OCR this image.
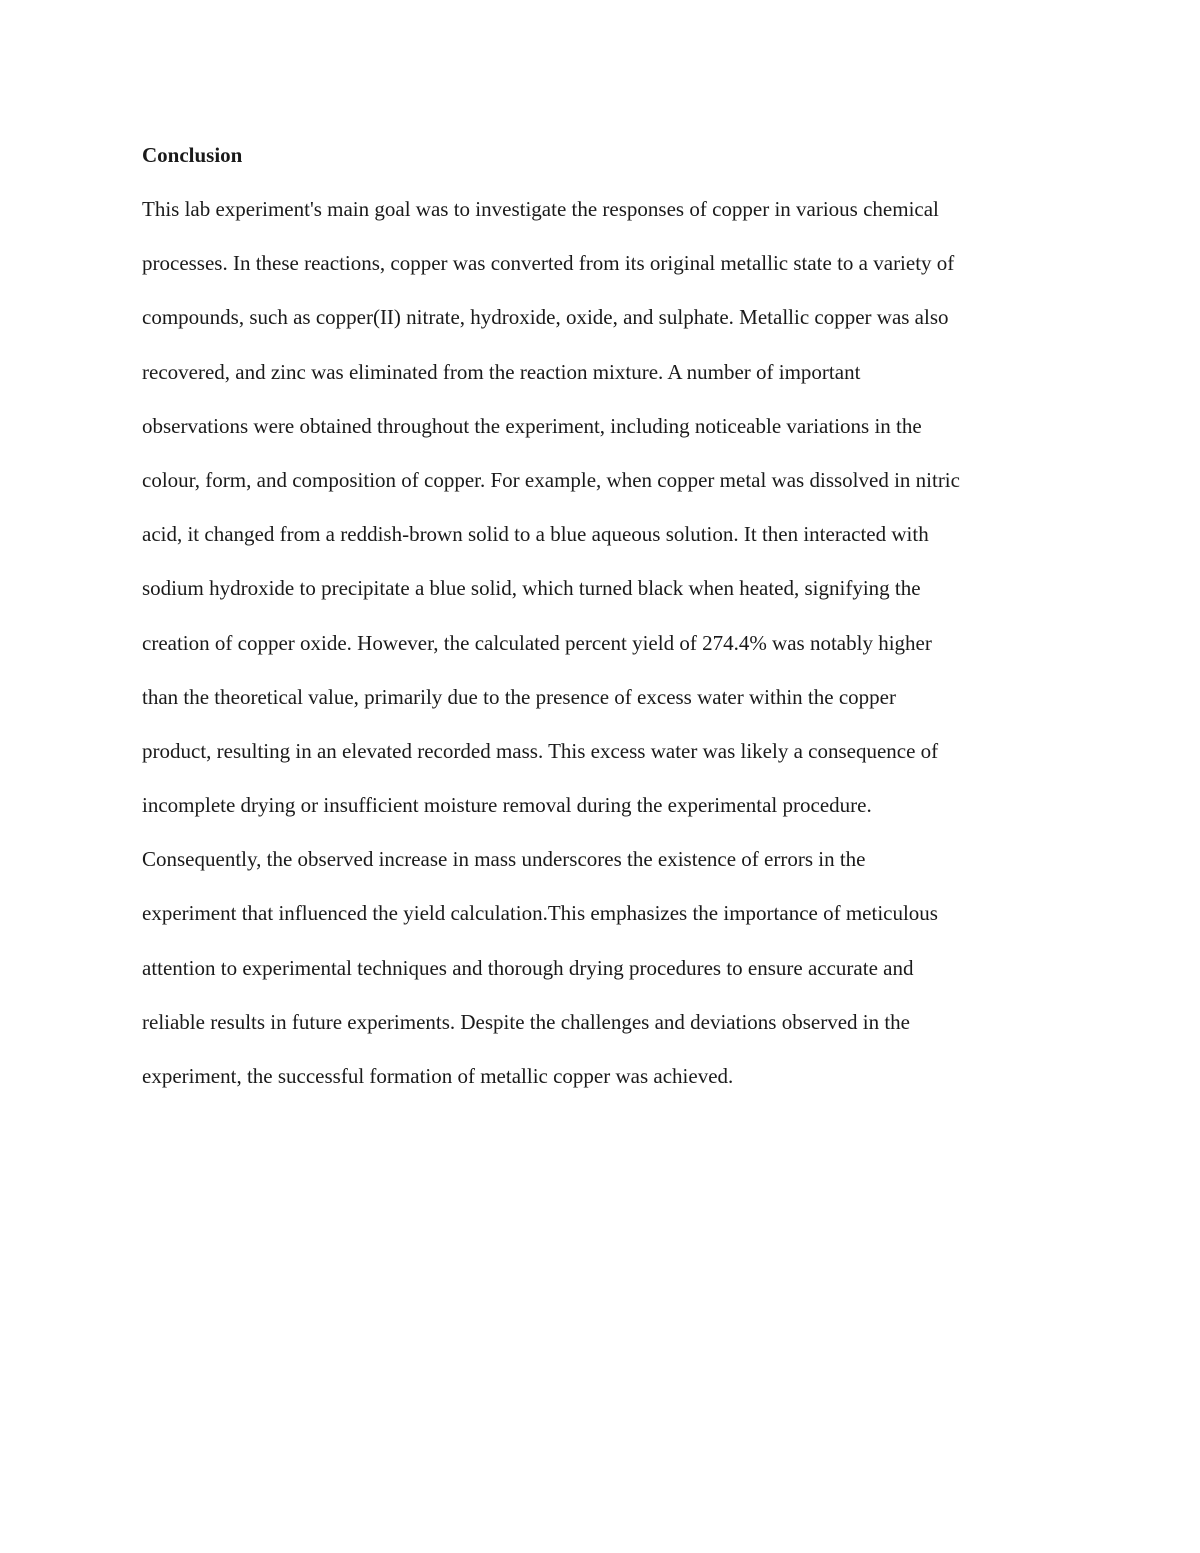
Conclusion

This lab experiment's main goal was to investigate the responses of copper in various chemical

processes. In these reactions, copper was converted from its original metallic state to a variety of

compounds, such as copper(II) nitrate, hydroxide, oxide, and sulphate. Metallic copper was also

recovered, and zinc was eliminated from the reaction mixture. A number of important

observations were obtained throughout the experiment, including noticeable variations in the

colour, form, and composition of copper. For example, when copper metal was dissolved in nitric

acid, it changed from a reddish-brown solid to a blue aqueous solution. It then interacted with

sodium hydroxide to precipitate a blue solid, which turned black when heated, signifying the

creation of copper oxide. However, the calculated percent yield of 274.4% was notably higher

than the theoretical value, primarily due to the presence of excess water within the copper

product, resulting in an elevated recorded mass. This excess water was likely a consequence of

incomplete drying or insufficient moisture removal during the experimental procedure.

Consequently, the observed increase in mass underscores the existence of errors in the

experiment that influenced the yield calculation.This emphasizes the importance of meticulous

attention to experimental techniques and thorough drying procedures to ensure accurate and

reliable results in future experiments. Despite the challenges and deviations observed in the

experiment, the successful formation of metallic copper was achieved.
